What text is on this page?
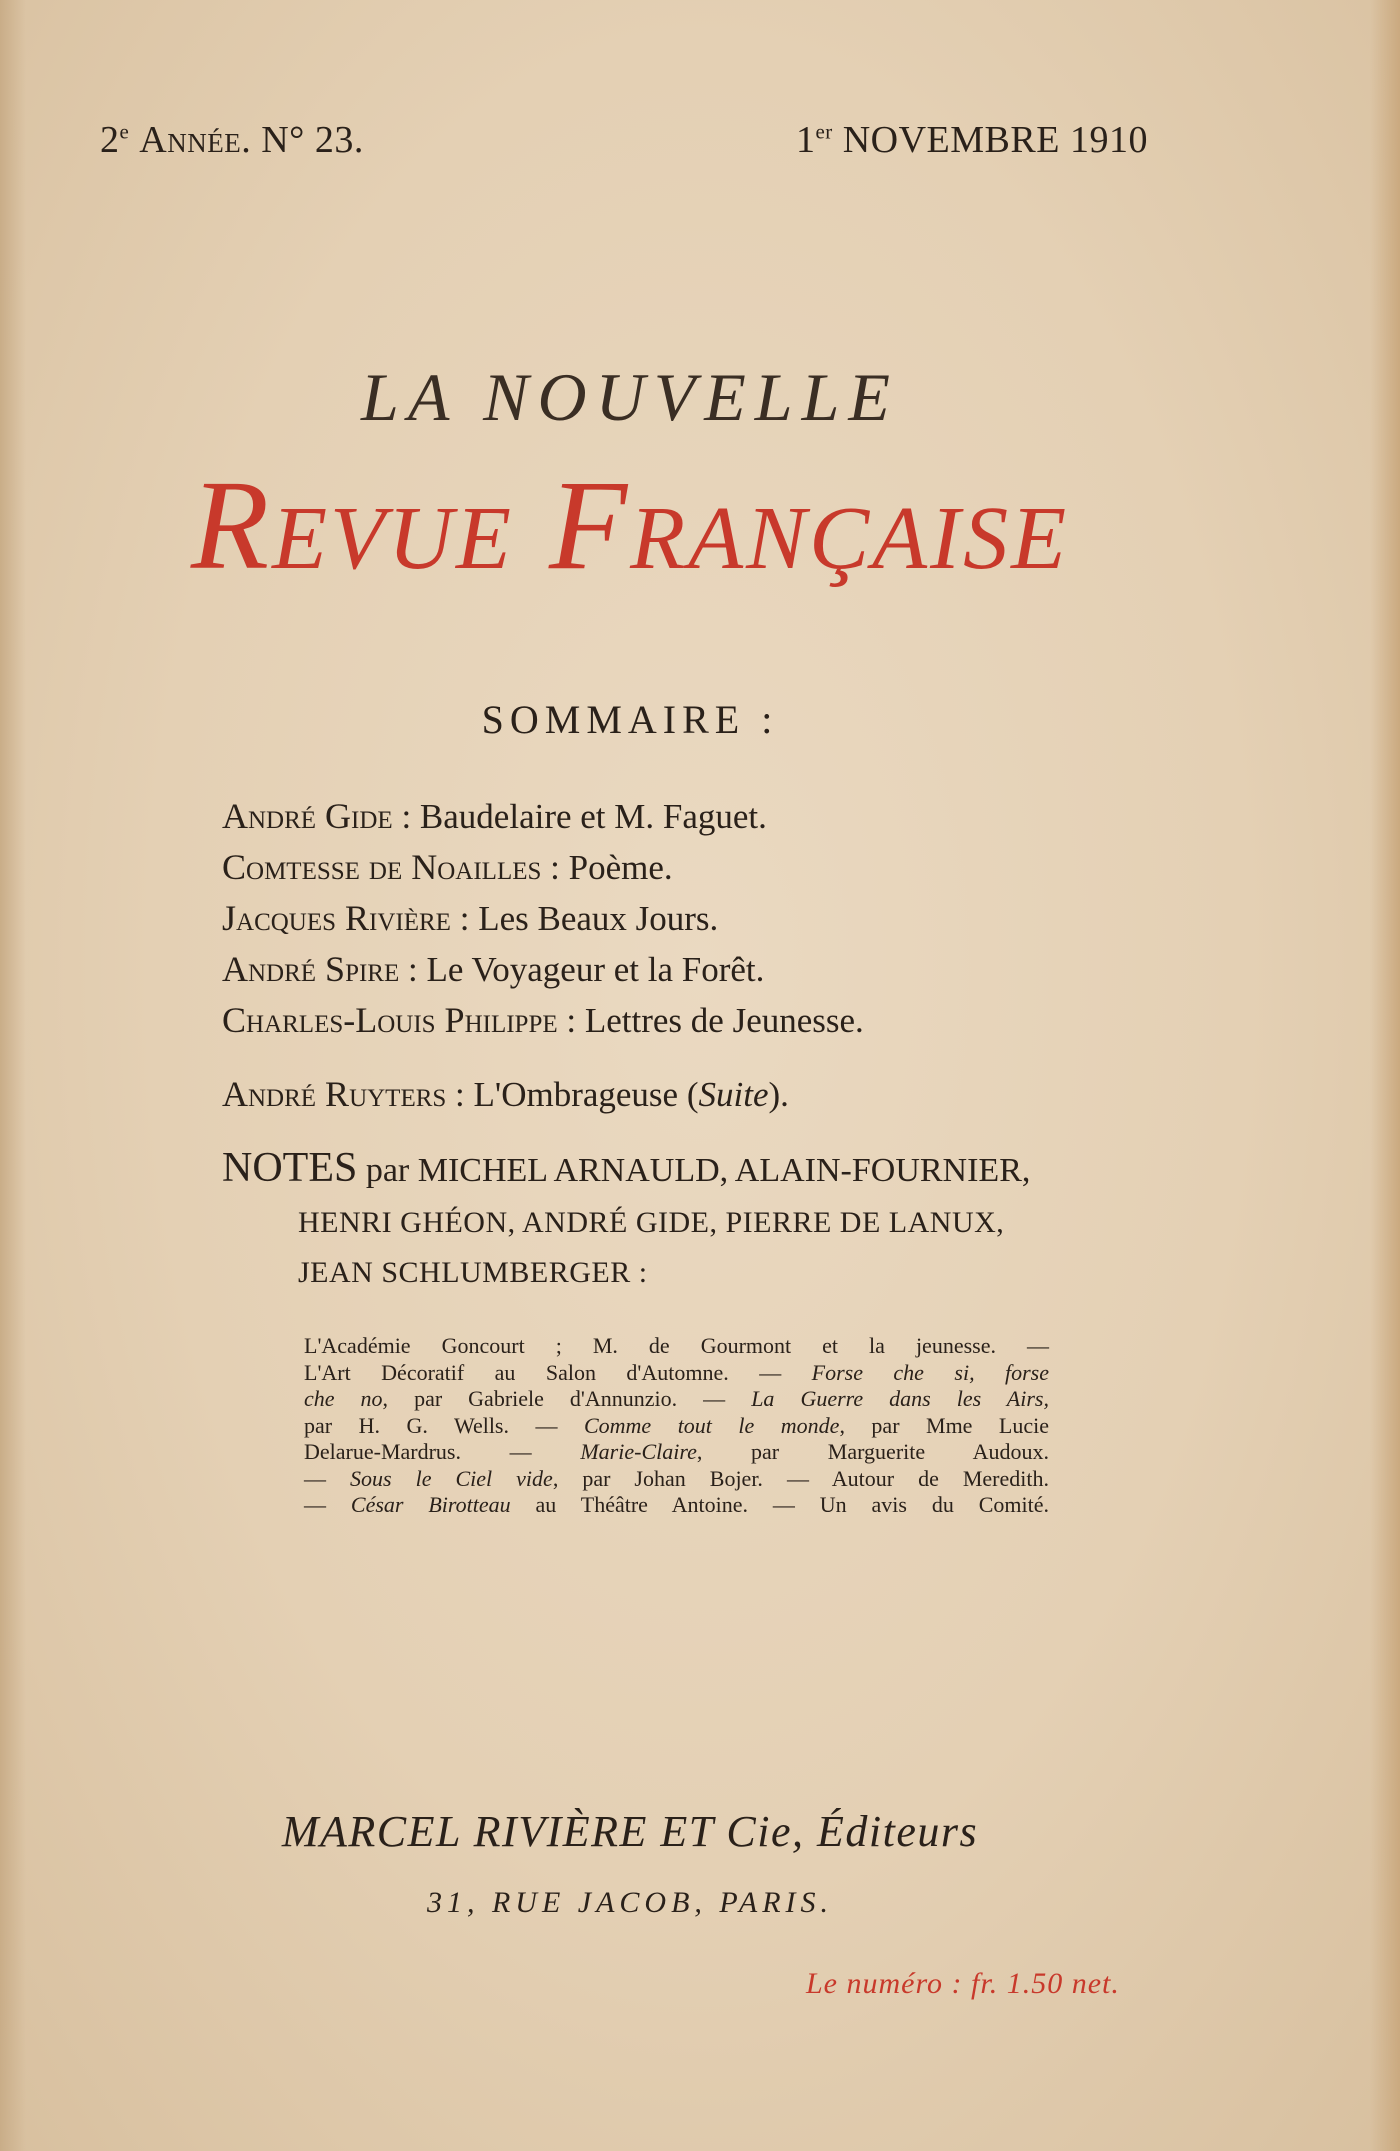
2e Année. N° 23.	1er NOVEMBRE 1910
LA NOUVELLE
Revue Française
SOMMAIRE :
André Gide : Baudelaire et M. Faguet.
Comtesse de Noailles : Poème.
Jacques Rivière : Les Beaux Jours.
André Spire : Le Voyageur et la Forêt.
Charles-Louis Philippe : Lettres de Jeunesse.
André Ruyters : L'Ombrageuse (Suite).
NOTES par MICHEL ARNAULD, ALAIN-FOURNIER,
HENRI GHÉON, ANDRÉ GIDE, PIERRE DE LANUX,
JEAN SCHLUMBERGER :
L'Académie Goncourt ; M. de Gourmont et la jeunesse. —
L'Art Décoratif au Salon d'Automne. — Forse che si, forse
che no, par Gabriele d'Annunzio. — La Guerre dans les Airs,
par H. G. Wells. — Comme tout le monde, par Mme Lucie
Delarue-Mardrus. — Marie-Claire, par Marguerite Audoux.
— Sous le Ciel vide, par Johan Bojer. — Autour de Meredith.
— César Birotteau au Théâtre Antoine. — Un avis du Comité.
MARCEL RIVIÈRE ET Cie, Éditeurs
31, RUE JACOB, PARIS.
Le numéro : fr. 1.50 net.
